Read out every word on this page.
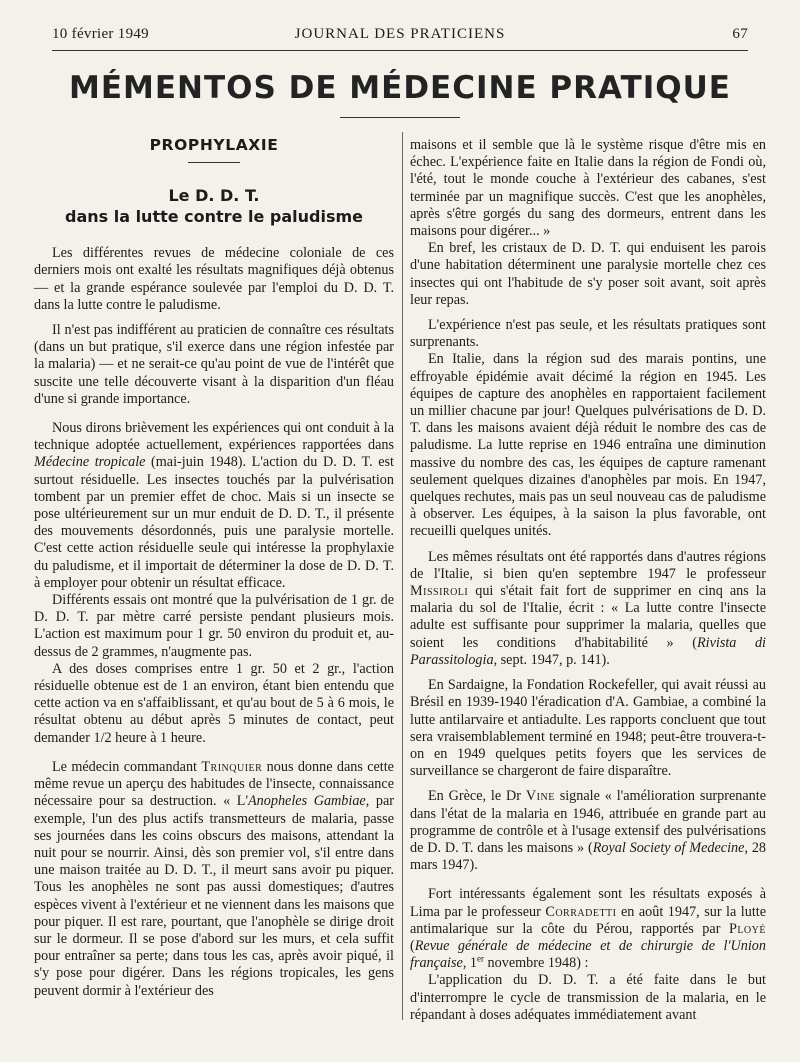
10 février 1949	JOURNAL DES PRATICIENS	67
MÉMENTOS DE MÉDECINE PRATIQUE
PROPHYLAXIE
Le D. D. T.
dans la lutte contre le paludisme

Les différentes revues de médecine coloniale de ces derniers mois ont exalté les résultats magnifiques déjà obtenus — et la grande espérance soulevée par l'emploi du D. D. T. dans la lutte contre le paludisme.

Il n'est pas indifférent au praticien de connaître ces résultats (dans un but pratique, s'il exerce dans une région infestée par la malaria) — et ne serait-ce qu'au point de vue de l'intérêt que suscite une telle découverte visant à la disparition d'un fléau d'une si grande importance.

Nous dirons brièvement les expériences qui ont conduit à la technique adoptée actuellement, expériences rapportées dans Médecine tropicale (mai-juin 1948). L'action du D. D. T. est surtout résiduelle. Les insectes touchés par la pulvérisation tombent par un premier effet de choc. Mais si un insecte se pose ultérieurement sur un mur enduit de D. D. T., il présente des mouvements désordonnés, puis une paralysie mortelle. C'est cette action résiduelle seule qui intéresse la prophylaxie du paludisme, et il importait de déterminer la dose de D. D. T. à employer pour obtenir un résultat efficace.

Différents essais ont montré que la pulvérisation de 1 gr. de D. D. T. par mètre carré persiste pendant plusieurs mois. L'action est maximum pour 1 gr. 50 environ du produit et, au-dessus de 2 grammes, n'augmente pas.

A des doses comprises entre 1 gr. 50 et 2 gr., l'action résiduelle obtenue est de 1 an environ, étant bien entendu que cette action va en s'affaiblissant, et qu'au bout de 5 à 6 mois, le résultat obtenu au début après 5 minutes de contact, peut demander 1/2 heure à 1 heure.

Le médecin commandant Trinquier nous donne dans cette même revue un aperçu des habitudes de l'insecte, connaissance nécessaire pour sa destruction. « L'Anopheles Gambiae, par exemple, l'un des plus actifs transmetteurs de malaria, passe ses journées dans les coins obscurs des maisons, attendant la nuit pour se nourrir. Ainsi, dès son premier vol, s'il entre dans une maison traitée au D. D. T., il meurt sans avoir pu piquer. Tous les anophèles ne sont pas aussi domestiques; d'autres espèces vivent à l'extérieur et ne viennent dans les maisons que pour piquer. Il est rare, pourtant, que l'anophèle se dirige droit sur le dormeur. Il se pose d'abord sur les murs, et cela suffit pour entraîner sa perte; dans tous les cas, après avoir piqué, il s'y pose pour digérer. Dans les régions tropicales, les gens peuvent dormir à l'extérieur des

maisons et il semble que là le système risque d'être mis en échec. L'expérience faite en Italie dans la région de Fondi où, l'été, tout le monde couche à l'extérieur des cabanes, s'est terminée par un magnifique succès. C'est que les anophèles, après s'être gorgés du sang des dormeurs, entrent dans les maisons pour digérer... »

En bref, les cristaux de D. D. T. qui enduisent les parois d'une habitation déterminent une paralysie mortelle chez ces insectes qui ont l'habitude de s'y poser soit avant, soit après leur repas.

L'expérience n'est pas seule, et les résultats pratiques sont surprenants.

En Italie, dans la région sud des marais pontins, une effroyable épidémie avait décimé la région en 1945. Les équipes de capture des anophèles en rapportaient facilement un millier chacune par jour! Quelques pulvérisations de D. D. T. dans les maisons avaient déjà réduit le nombre des cas de paludisme. La lutte reprise en 1946 entraîna une diminution massive du nombre des cas, les équipes de capture ramenant seulement quelques dizaines d'anophèles par mois. En 1947, quelques rechutes, mais pas un seul nouveau cas de paludisme à observer. Les équipes, à la saison la plus favorable, ont recueilli quelques unités.

Les mêmes résultats ont été rapportés dans d'autres régions de l'Italie, si bien qu'en septembre 1947 le professeur Missiroli qui s'était fait fort de supprimer en cinq ans la malaria du sol de l'Italie, écrit : « La lutte contre l'insecte adulte est suffisante pour supprimer la malaria, quelles que soient les conditions d'habitabilité » (Rivista di Parassitologia, sept. 1947, p. 141).

En Sardaigne, la Fondation Rockefeller, qui avait réussi au Brésil en 1939-1940 l'éradication d'A. Gambiae, a combiné la lutte antilarvaire et antiadulte. Les rapports concluent que tout sera vraisemblablement terminé en 1948; peut-être trouvera-t-on en 1949 quelques petits foyers que les services de surveillance se chargeront de faire disparaître.

En Grèce, le Dr Vine signale « l'amélioration surprenante dans l'état de la malaria en 1946, attribuée en grande part au programme de contrôle et à l'usage extensif des pulvérisations de D. D. T. dans les maisons » (Royal Society of Medecine, 28 mars 1947).

Fort intéressants également sont les résultats exposés à Lima par le professeur Corradetti en août 1947, sur la lutte antimalarique sur la côte du Pérou, rapportés par Ployé (Revue générale de médecine et de chirurgie de l'Union française, 1er novembre 1948) :

L'application du D. D. T. a été faite dans le but d'interrompre le cycle de transmission de la malaria, en le répandant à doses adéquates immédiatement avant
